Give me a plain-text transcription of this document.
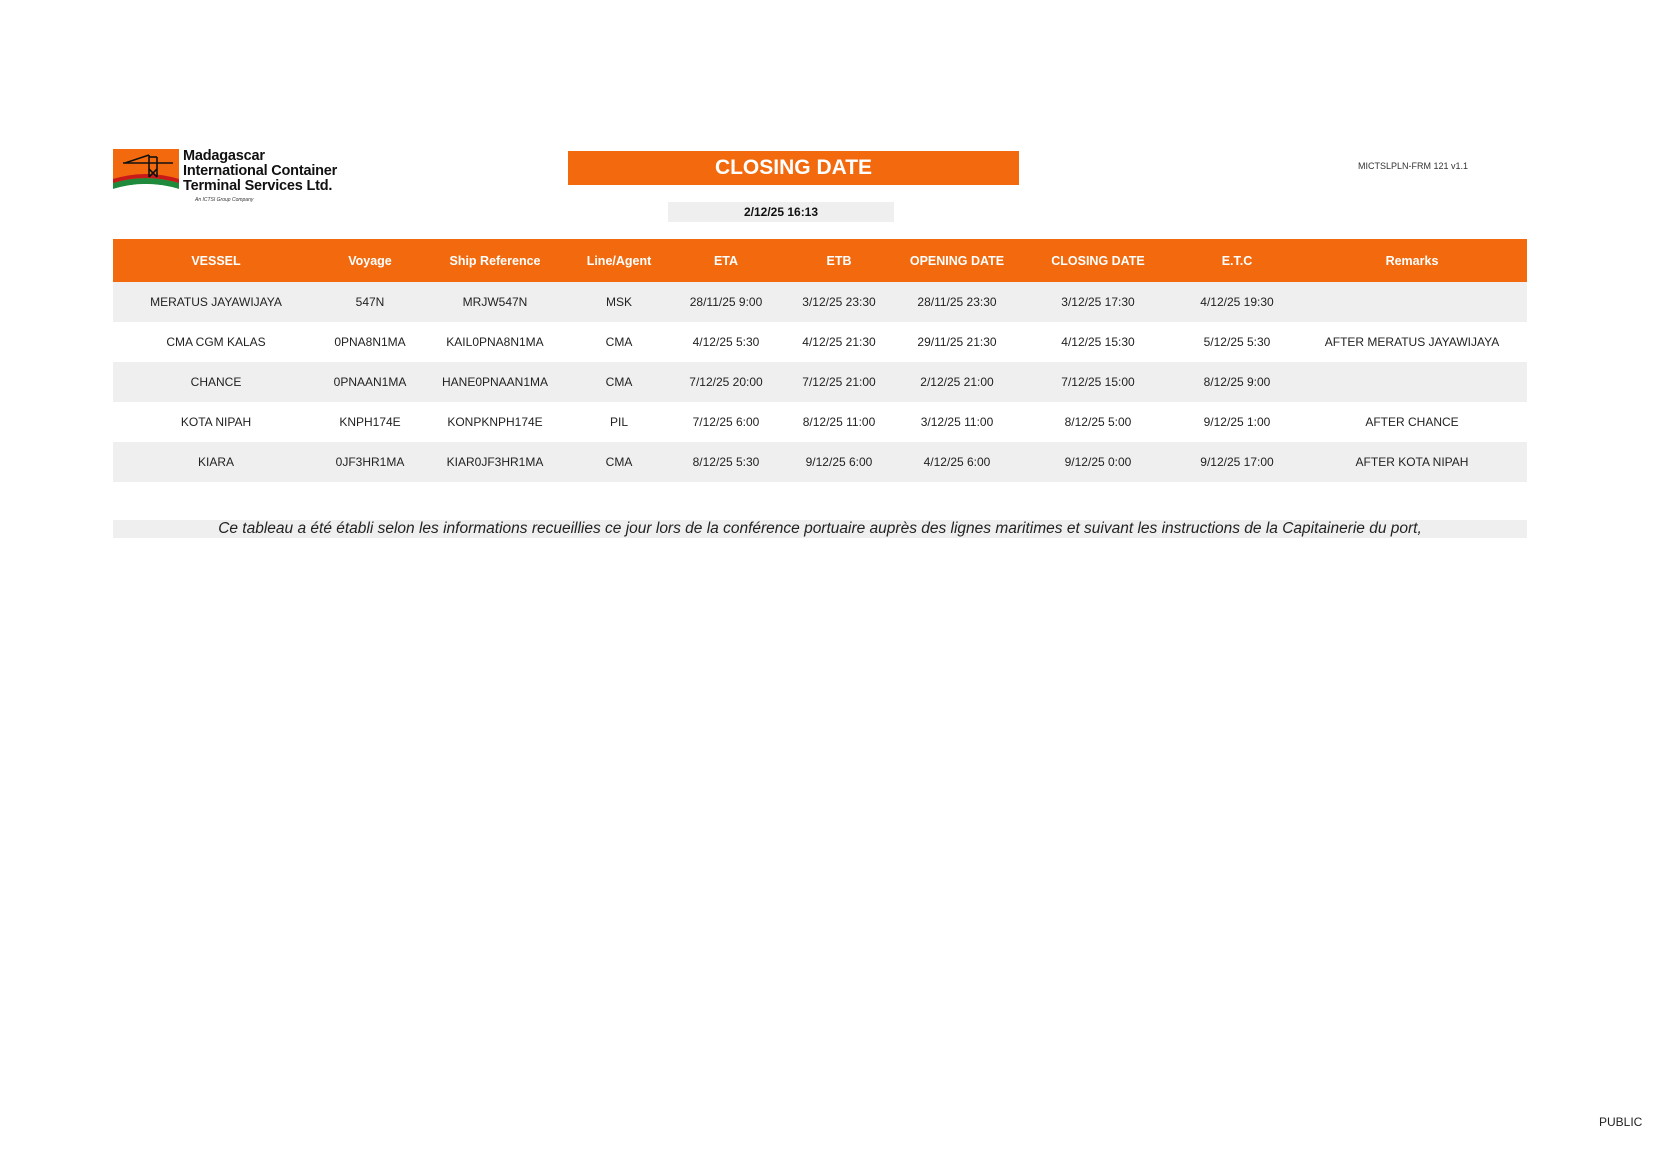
Madagascar
International Container
Terminal Services Ltd.
An ICTSI Group Company
CLOSING DATE
2/12/25 16:13
MICTSLPLN-FRM 121 v1.1
VESSEL	Voyage	Ship Reference	Line/Agent	ETA	ETB	OPENING DATE	CLOSING DATE	E.T.C	Remarks
MERATUS JAYAWIJAYA	547N	MRJW547N	MSK	28/11/25 9:00	3/12/25 23:30	28/11/25 23:30	3/12/25 17:30	4/12/25 19:30	
CMA CGM KALAS	0PNA8N1MA	KAIL0PNA8N1MA	CMA	4/12/25 5:30	4/12/25 21:30	29/11/25 21:30	4/12/25 15:30	5/12/25 5:30	AFTER MERATUS JAYAWIJAYA
CHANCE	0PNAAN1MA	HANE0PNAAN1MA	CMA	7/12/25 20:00	7/12/25 21:00	2/12/25 21:00	7/12/25 15:00	8/12/25 9:00	
KOTA NIPAH	KNPH174E	KONPKNPH174E	PIL	7/12/25 6:00	8/12/25 11:00	3/12/25 11:00	8/12/25 5:00	9/12/25 1:00	AFTER CHANCE
KIARA	0JF3HR1MA	KIAR0JF3HR1MA	CMA	8/12/25 5:30	9/12/25 6:00	4/12/25 6:00	9/12/25 0:00	9/12/25 17:00	AFTER KOTA NIPAH
Ce tableau a été établi selon les informations recueillies ce jour lors de la conférence portuaire auprès des lignes maritimes et suivant les instructions de la Capitainerie du port,
PUBLIC
